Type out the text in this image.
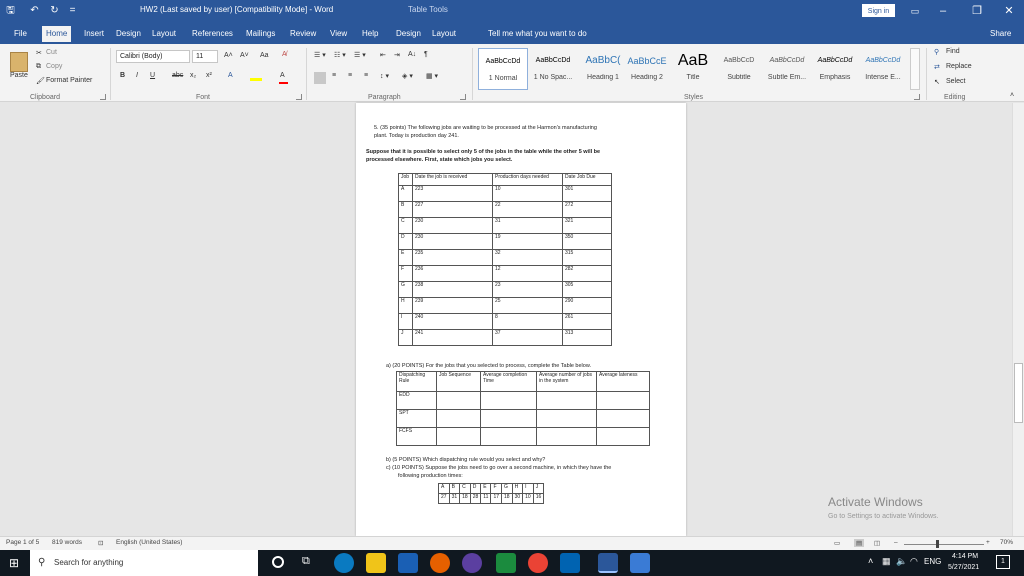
🖫 ↶ ↻	=	HW2 (Last saved by user) [Compatibility Mode] - Word	Table Tools	Sign in	▭	–	❐	✕
File	Home	Insert	Design	Layout	References	Mailings	Review	View	Help	Design	Layout	Tell me what you want to do	Share
Paste
✂ Cut
⧉ Copy
🖌 Format Painter
Clipboard
Calibri (Body)	11	A˄ A˅ Aa A̸
B I U abc x₂ x² A	A
Font
☰ ▾ ☷ ▾ ☰ ▾ ⇤ ⇥ A↓ ¶
≡ ≡ ≡ ↕ ▾ ◈ ▾ ▦ ▾
Paragraph
AaBbCcDd
1 Normal
AaBbCcDd
1 No Spac...
AaBbC(
Heading 1
AaBbCcE
Heading 2
AaB
Title
AaBbCcD
Subtitle
AaBbCcDd
Subtle Em...
AaBbCcDd
Emphasis
AaBbCcDd
Intense E...
Styles
⚲ Find
⇄ Replace
↖ Select
Editing	˄
5. (35 points) The following jobs are waiting to be processed at the Harmon's manufacturing
plant. Today is production day 241.
Suppose that it is possible to select only 5 of the jobs in the table while the other 5 will be
processed elsewhere. First, state which jobs you select.
Job	Date the job is received	Production days needed	Date Job Due
A	223	10	301
B	227	22	272
C	230	31	321
D	230	19	350
E	235	32	315
F	236	12	282
G	238	23	305
H	239	25	290
I	240	8	261
J	241	37	313
a) (20 POINTS) For the jobs that you selected to process, complete the Table below.
Dispatching Rule	Job Sequence	Average completion Time	Average number of jobs in the system	Average lateness
EDD				
SPT				
FCFS				
b) (5 POINTS) Which dispatching rule would you select and why?
c) (10 POINTS) Suppose the jobs need to go over a second machine, in which they have the
following production times:
A	B	C	D	E	F	G	H	I	J
27	31	18	28	11	17	18	30	10	16	Activate Windows
Go to Settings to activate Windows.
Page 1 of 5 819 words ⊡ English (United States)	▭	▤	◫ –	+ 70%
⊞	Search for anything
⚲	⧉	˄ ▦ 🔈 ◠ ENG
4:14 PM
5/27/2021
1
